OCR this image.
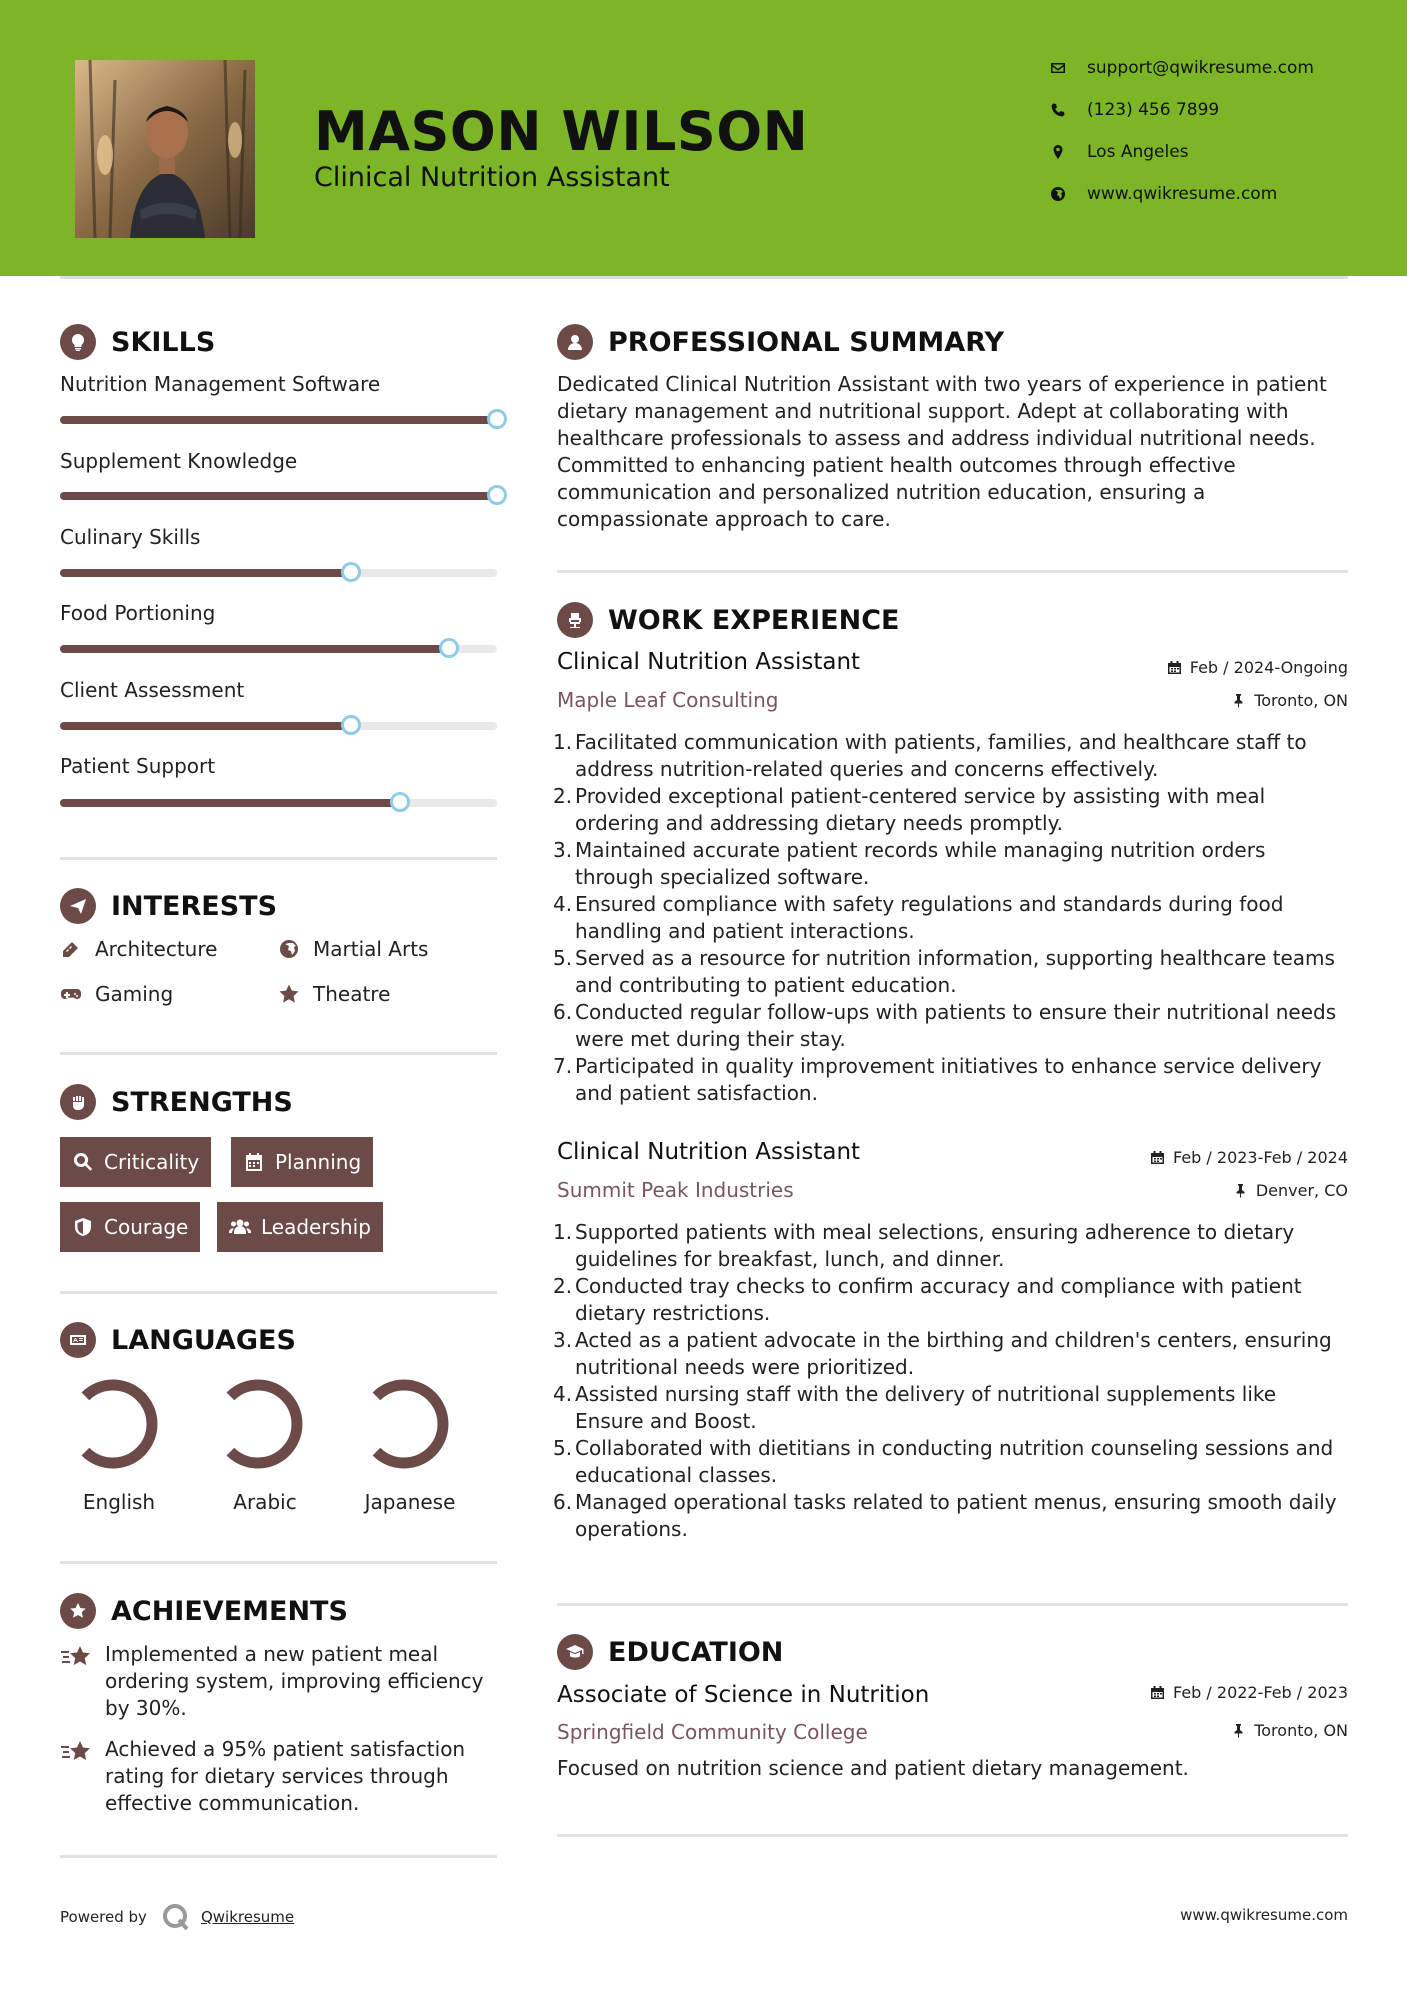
MASON WILSON
Clinical Nutrition Assistant
support@qwikresume.com
(123) 456 7899
Los Angeles
www.qwikresume.com
SKILLS
Nutrition Management Software
Supplement Knowledge
Culinary Skills
Food Portioning
Client Assessment
Patient Support
INTERESTS
Architecture	Martial Arts
Gaming	Theatre
STRENGTHS
Criticality	Planning
Courage	Leadership
LANGUAGES
English	Arabic	Japanese
ACHIEVEMENTS
Implemented a new patient meal ordering system, improving efficiency by 30%.
Achieved a 95% patient satisfaction rating for dietary services through effective communication.
PROFESSIONAL SUMMARY
Dedicated Clinical Nutrition Assistant with two years of experience in patient dietary management and nutritional support. Adept at collaborating with healthcare professionals to assess and address individual nutritional needs. Committed to enhancing patient health outcomes through effective communication and personalized nutrition education, ensuring a compassionate approach to care.
WORK EXPERIENCE
Clinical Nutrition Assistant	Feb / 2024-Ongoing
Maple Leaf Consulting	Toronto, ON
1. Facilitated communication with patients, families, and healthcare staff to address nutrition-related queries and concerns effectively.
2. Provided exceptional patient-centered service by assisting with meal ordering and addressing dietary needs promptly.
3. Maintained accurate patient records while managing nutrition orders through specialized software.
4. Ensured compliance with safety regulations and standards during food handling and patient interactions.
5. Served as a resource for nutrition information, supporting healthcare teams and contributing to patient education.
6. Conducted regular follow-ups with patients to ensure their nutritional needs were met during their stay.
7. Participated in quality improvement initiatives to enhance service delivery and patient satisfaction.
Clinical Nutrition Assistant	Feb / 2023-Feb / 2024
Summit Peak Industries	Denver, CO
1. Supported patients with meal selections, ensuring adherence to dietary guidelines for breakfast, lunch, and dinner.
2. Conducted tray checks to confirm accuracy and compliance with patient dietary restrictions.
3. Acted as a patient advocate in the birthing and children's centers, ensuring nutritional needs were prioritized.
4. Assisted nursing staff with the delivery of nutritional supplements like Ensure and Boost.
5. Collaborated with dietitians in conducting nutrition counseling sessions and educational classes.
6. Managed operational tasks related to patient menus, ensuring smooth daily operations.
EDUCATION
Associate of Science in Nutrition	Feb / 2022-Feb / 2023
Springfield Community College	Toronto, ON
Focused on nutrition science and patient dietary management.
Powered by	Qwikresume	www.qwikresume.com
